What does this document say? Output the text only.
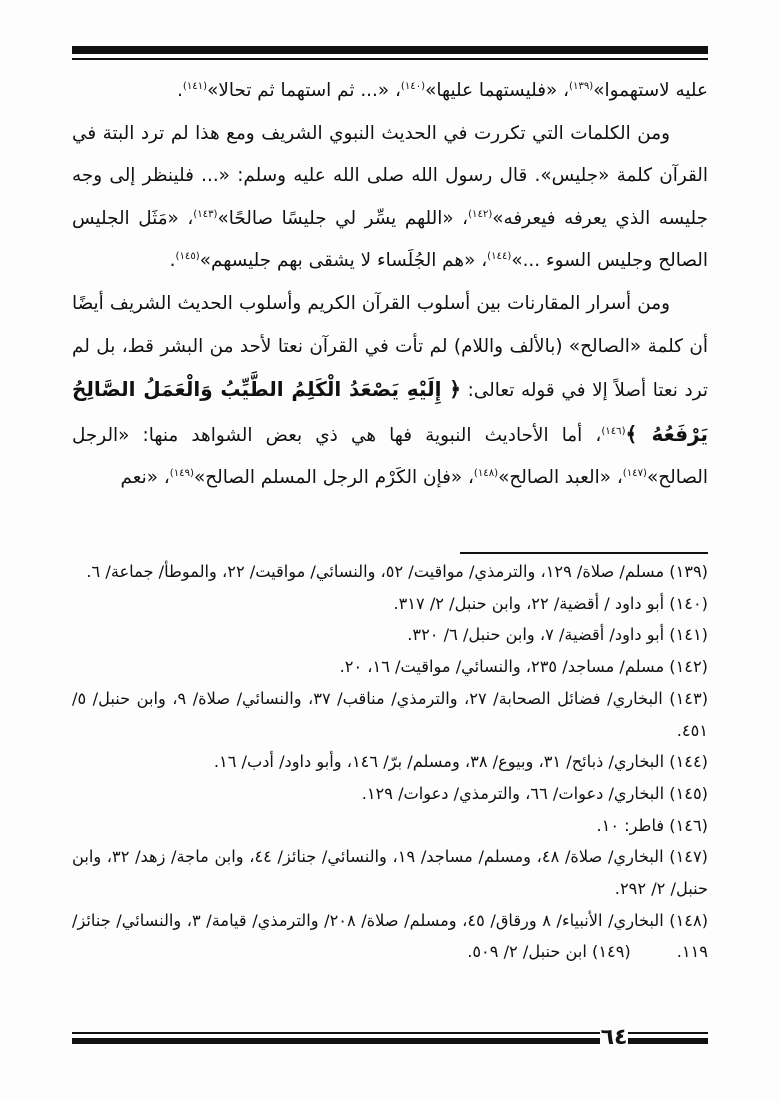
عليه لاستهموا»$^{(١٣٩)}$، «فليستهما عليها»$^{(١٤٠)}$، «... ثم استهما ثم تحالا»$^{(١٤١)}$.

ومن الكلمات التي تكررت في الحديث النبوي الشريف ومع هذا لم ترد البتة في القرآن كلمة «جليس». قال رسول الله صلى الله عليه وسلم: «... فلينظر إلى وجه جليسه الذي يعرفه فيعرفه»$^{(١٤٢)}$، «اللهم يسِّر لي جليسًا صالحًا»$^{(١٤٣)}$، «مَثَل الجليس الصالح وجليس السوء ...»$^{(١٤٤)}$، «هم الجُلَساء لا يشقى بهم جليسهم»$^{(١٤٥)}$.

ومن أسرار المقارنات بين أسلوب القرآن الكريم وأسلوب الحديث الشريف أيضًا أن كلمة «الصالح» (بالألف واللام) لم تأت في القرآن نعتا لأحد من البشر قط، بل لم ترد نعتا أصلاً إلا في قوله تعالى: ﴿ إِلَيْهِ يَصْعَدُ الْكَلِمُ الطَّيِّبُ وَالْعَمَلُ الصَّالِحُ يَرْفَعُهُ ﴾$^{(١٤٦)}$، أما الأحاديث النبوية فها هي ذي بعض الشواهد منها: «الرجل الصالح»$^{(١٤٧)}$، «العبد الصالح»$^{(١٤٨)}$، «فإن الكَرْم الرجل المسلم الصالح»$^{(١٤٩)}$، «نعم

(١٣٩) مسلم/ صلاة/ ١٢٩، والترمذي/ مواقيت/ ٥٢، والنسائي/ مواقيت/ ٢٢، والموطأ/ جماعة/ ٦.

(١٤٠) أبو داود / أقضية/ ٢٢، وابن حنبل/ ٢/ ٣١٧.

(١٤١) أبو داود/ أقضية/ ٧، وابن حنبل/ ٦/ ٣٢٠.

(١٤٢) مسلم/ مساجد/ ٢٣٥، والنسائي/ مواقيت/ ١٦، ٢٠.

(١٤٣) البخاري/ فضائل الصحابة/ ٢٧، والترمذي/ مناقب/ ٣٧، والنسائي/ صلاة/ ٩، وابن حنبل/ ٥/ ٤٥١.

(١٤٤) البخاري/ ذبائح/ ٣١، وبيوع/ ٣٨، ومسلم/ برّ/ ١٤٦، وأبو داود/ أدب/ ١٦.

(١٤٥) البخاري/ دعوات/ ٦٦، والترمذي/ دعوات/ ١٢٩.

(١٤٦) فاطر: ١٠.

(١٤٧) البخاري/ صلاة/ ٤٨، ومسلم/ مساجد/ ١٩، والنسائي/ جنائز/ ٤٤، وابن ماجة/ زهد/ ٣٢، وابن حنبل/ ٢/ ٢٩٢.

(١٤٨) البخاري/ الأنبياء/ ٨ ورقاق/ ٤٥، ومسلم/ صلاة/ ٢٠٨/ والترمذي/ قيامة/ ٣، والنسائي/ جنائز/ ١١٩.(١٤٩) ابن حنبل/ ٢/ ٥٠٩.

٦٤
